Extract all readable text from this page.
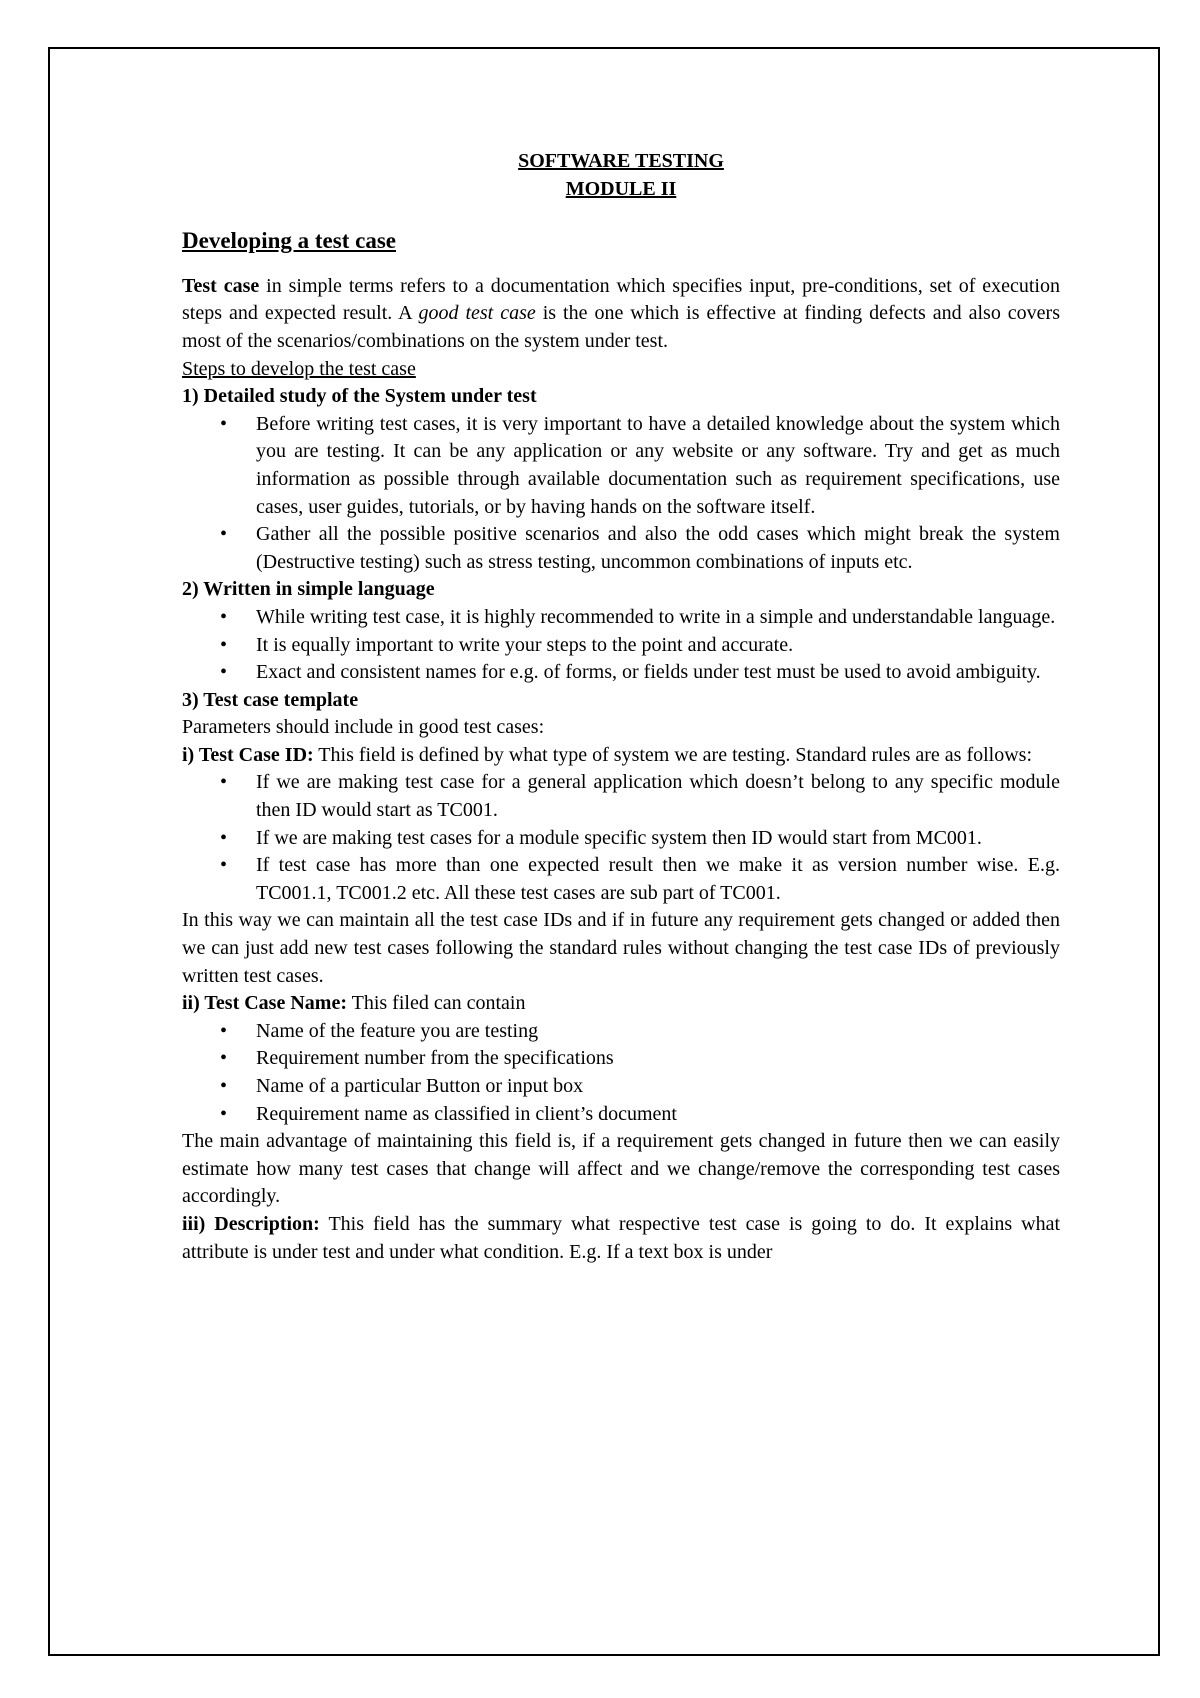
SOFTWARE TESTING
MODULE II
Developing a test case

Test case in simple terms refers to a documentation which specifies input, pre-conditions, set of execution steps and expected result. A good test case is the one which is effective at finding defects and also covers most of the scenarios/combinations on the system under test.

Steps to develop the test case

1) Detailed study of the System under test

• Before writing test cases, it is very important to have a detailed knowledge about the system which you are testing. It can be any application or any website or any software. Try and get as much information as possible through available documentation such as requirement specifications, use cases, user guides, tutorials, or by having hands on the software itself.
• Gather all the possible positive scenarios and also the odd cases which might break the system (Destructive testing) such as stress testing, uncommon combinations of inputs etc.

2) Written in simple language

• While writing test case, it is highly recommended to write in a simple and understandable language.
• It is equally important to write your steps to the point and accurate.
• Exact and consistent names for e.g. of forms, or fields under test must be used to avoid ambiguity.

3) Test case template

Parameters should include in good test cases:

i) Test Case ID: This field is defined by what type of system we are testing. Standard rules are as follows:

• If we are making test case for a general application which doesn’t belong to any specific module then ID would start as TC001.
• If we are making test cases for a module specific system then ID would start from MC001.
• If test case has more than one expected result then we make it as version number wise. E.g. TC001.1, TC001.2 etc. All these test cases are sub part of TC001.

In this way we can maintain all the test case IDs and if in future any requirement gets changed or added then we can just add new test cases following the standard rules without changing the test case IDs of previously written test cases.

ii) Test Case Name: This filed can contain

• Name of the feature you are testing
• Requirement number from the specifications
• Name of a particular Button or input box
• Requirement name as classified in client’s document

The main advantage of maintaining this field is, if a requirement gets changed in future then we can easily estimate how many test cases that change will affect and we change/remove the corresponding test cases accordingly.

iii) Description: This field has the summary what respective test case is going to do. It explains what attribute is under test and under what condition. E.g. If a text box is under
